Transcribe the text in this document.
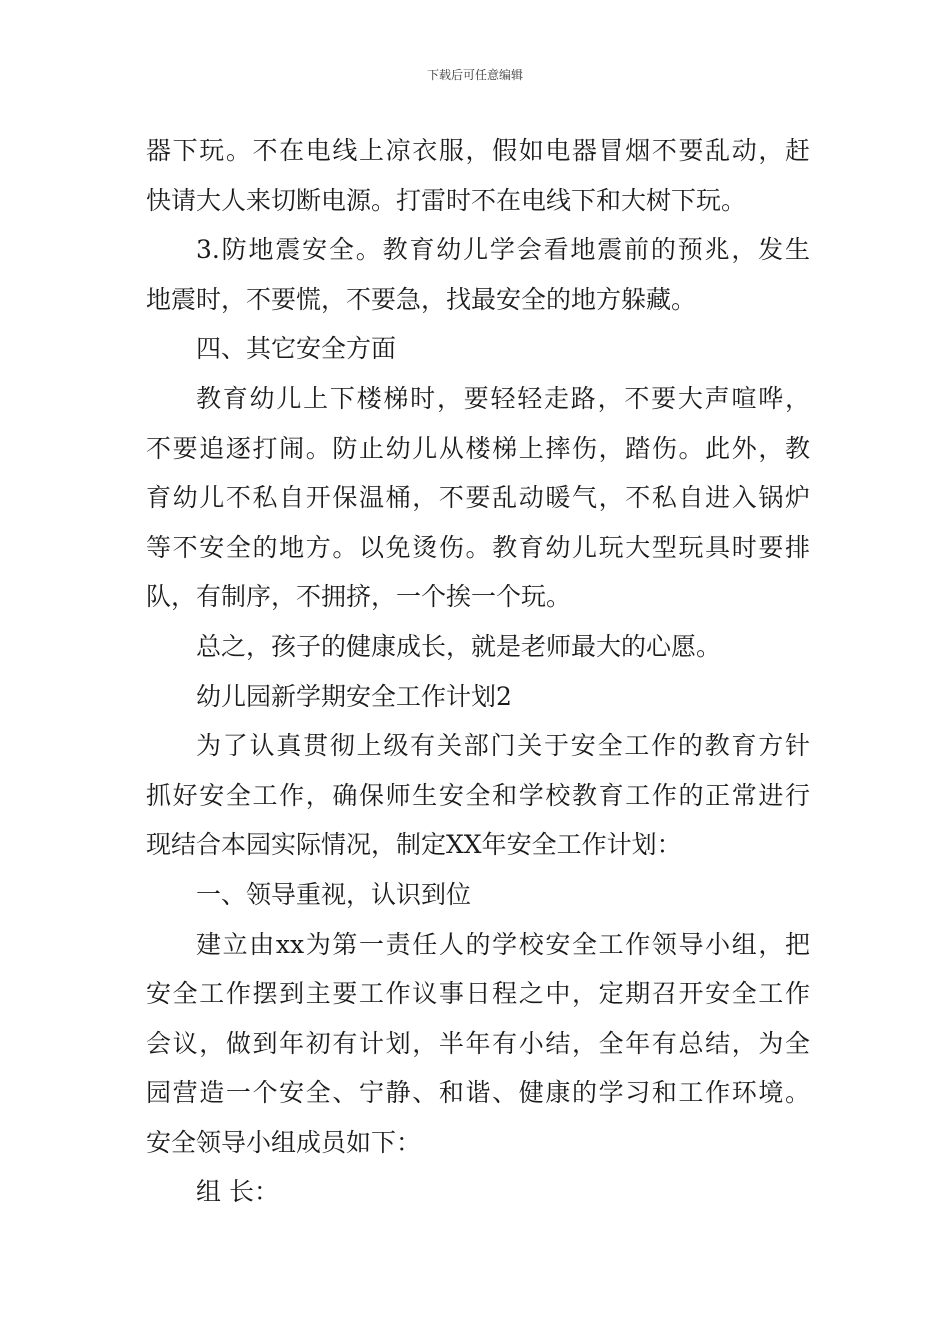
下载后可任意编辑
器下玩。不在电线上凉衣服，假如电器冒烟不要乱动，赶
快请大人来切断电源。打雷时不在电线下和大树下玩。
3.防地震安全。教育幼儿学会看地震前的预兆，发生
地震时，不要慌，不要急，找最安全的地方躲藏。
四、其它安全方面
教育幼儿上下楼梯时，要轻轻走路，不要大声喧哗，
不要追逐打闹。防止幼儿从楼梯上摔伤，踏伤。此外，教
育幼儿不私自开保温桶，不要乱动暖气，不私自进入锅炉
等不安全的地方。以免烫伤。教育幼儿玩大型玩具时要排
队，有制序，不拥挤，一个挨一个玩。
总之，孩子的健康成长，就是老师最大的心愿。
幼儿园新学期安全工作计划2
为了认真贯彻上级有关部门关于安全工作的教育方针
抓好安全工作，确保师生安全和学校教育工作的正常进行
现结合本园实际情况，制定XX年安全工作计划：
一、领导重视，认识到位
建立由xx为第一责任人的学校安全工作领导小组，把
安全工作摆到主要工作议事日程之中，定期召开安全工作
会议，做到年初有计划，半年有小结，全年有总结，为全
园营造一个安全、宁静、和谐、健康的学习和工作环境。
安全领导小组成员如下：
组 长：
